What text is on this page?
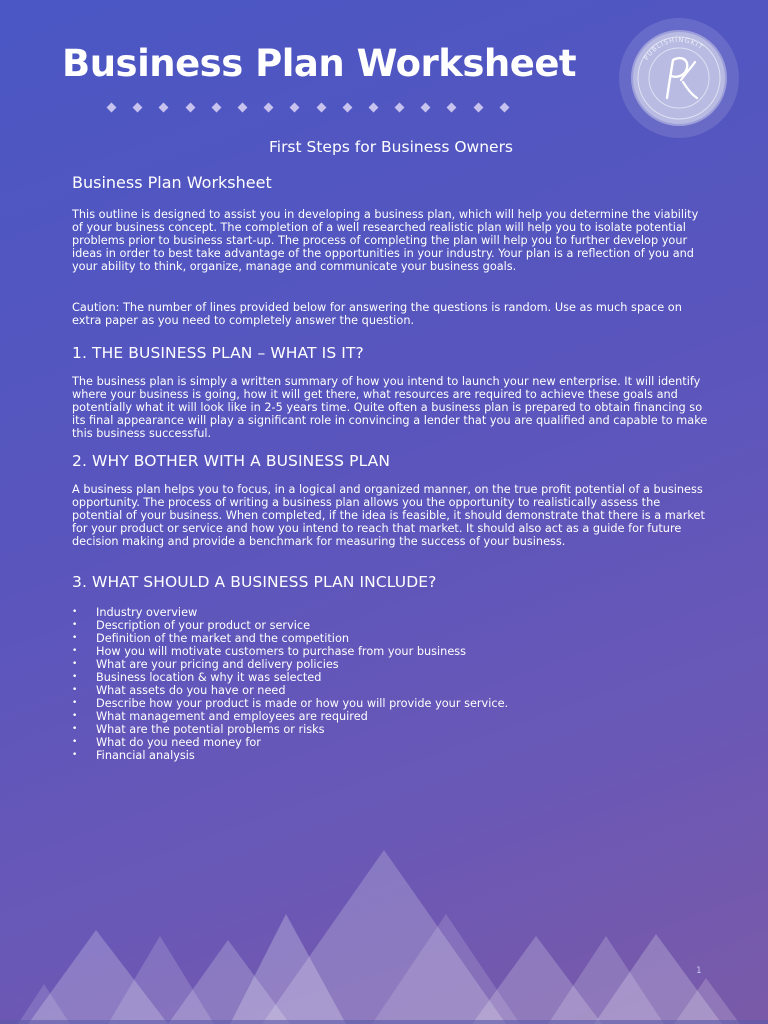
Business Plan Worksheet	PUBLISHINGKIT

First Steps for Business Owners

Business Plan Worksheet

This outline is designed to assist you in developing a business plan, which will help you determine the viability of your business concept. The completion of a well researched realistic plan will help you to isolate potential problems prior to business start-up. The process of completing the plan will help you to further develop your ideas in order to best take advantage of the opportunities in your industry. Your plan is a reflection of you and your ability to think, organize, manage and communicate your business goals.

Caution: The number of lines provided below for answering the questions is random. Use as much space on extra paper as you need to completely answer the question.

1. THE BUSINESS PLAN – WHAT IS IT?

The business plan is simply a written summary of how you intend to launch your new enterprise. It will identify where your business is going, how it will get there, what resources are required to achieve these goals and potentially what it will look like in 2-5 years time. Quite often a business plan is prepared to obtain financing so its final appearance will play a significant role in convincing a lender that you are qualified and capable to make this business successful.

2. WHY BOTHER WITH A BUSINESS PLAN

A business plan helps you to focus, in a logical and organized manner, on the true profit potential of a business opportunity. The process of writing a business plan allows you the opportunity to realistically assess the potential of your business. When completed, if the idea is feasible, it should demonstrate that there is a market for your product or service and how you intend to reach that market. It should also act as a guide for future decision making and provide a benchmark for measuring the success of your business.

3. WHAT SHOULD A BUSINESS PLAN INCLUDE?
• Industry overview
• Description of your product or service
• Definition of the market and the competition
• How you will motivate customers to purchase from your business
• What are your pricing and delivery policies
• Business location & why it was selected
• What assets do you have or need
• Describe how your product is made or how you will provide your service.
• What management and employees are required
• What are the potential problems or risks
• What do you need money for
• Financial analysis
1
